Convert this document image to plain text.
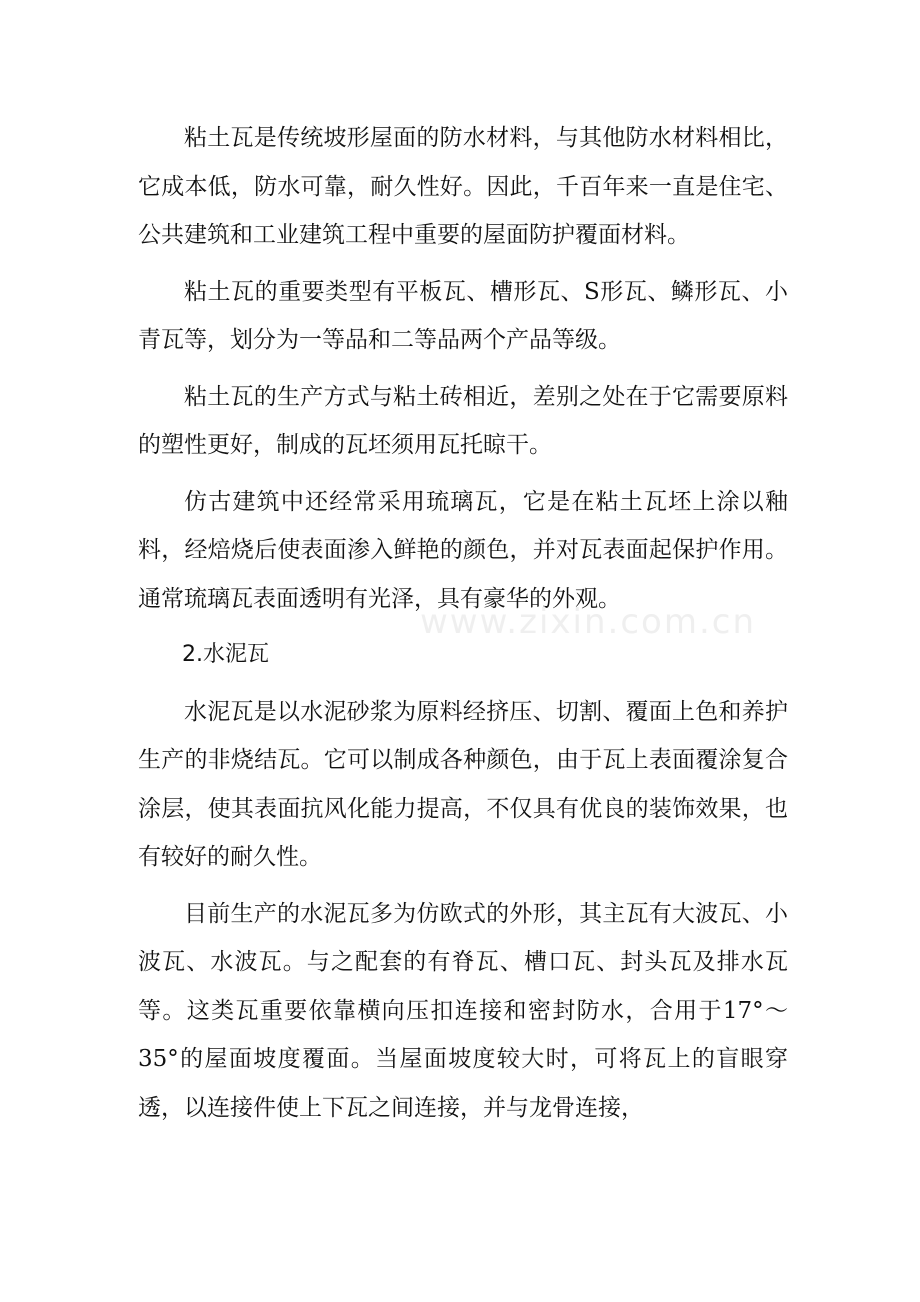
粘土瓦是传统坡形屋面的防水材料，与其他防水材料相比，它成本低，防水可靠，耐久性好。因此，千百年来一直是住宅、公共建筑和工业建筑工程中重要的屋面防护覆面材料。

粘土瓦的重要类型有平板瓦、槽形瓦、S形瓦、鳞形瓦、小青瓦等，划分为一等品和二等品两个产品等级。

粘土瓦的生产方式与粘土砖相近，差别之处在于它需要原料的塑性更好，制成的瓦坯须用瓦托晾干。

仿古建筑中还经常采用琉璃瓦，它是在粘土瓦坯上涂以釉料，经焙烧后使表面渗入鲜艳的颜色，并对瓦表面起保护作用。通常琉璃瓦表面透明有光泽，具有豪华的外观。

2.水泥瓦

水泥瓦是以水泥砂浆为原料经挤压、切割、覆面上色和养护生产的非烧结瓦。它可以制成各种颜色，由于瓦上表面覆涂复合涂层，使其表面抗风化能力提高，不仅具有优良的装饰效果，也有较好的耐久性。

目前生产的水泥瓦多为仿欧式的外形，其主瓦有大波瓦、小波瓦、水波瓦。与之配套的有脊瓦、槽口瓦、封头瓦及排水瓦等。这类瓦重要依靠横向压扣连接和密封防水，合用于17°～35°的屋面坡度覆面。当屋面坡度较大时，可将瓦上的盲眼穿透，以连接件使上下瓦之间连接，并与龙骨连接，

www.zixin.com.cn
